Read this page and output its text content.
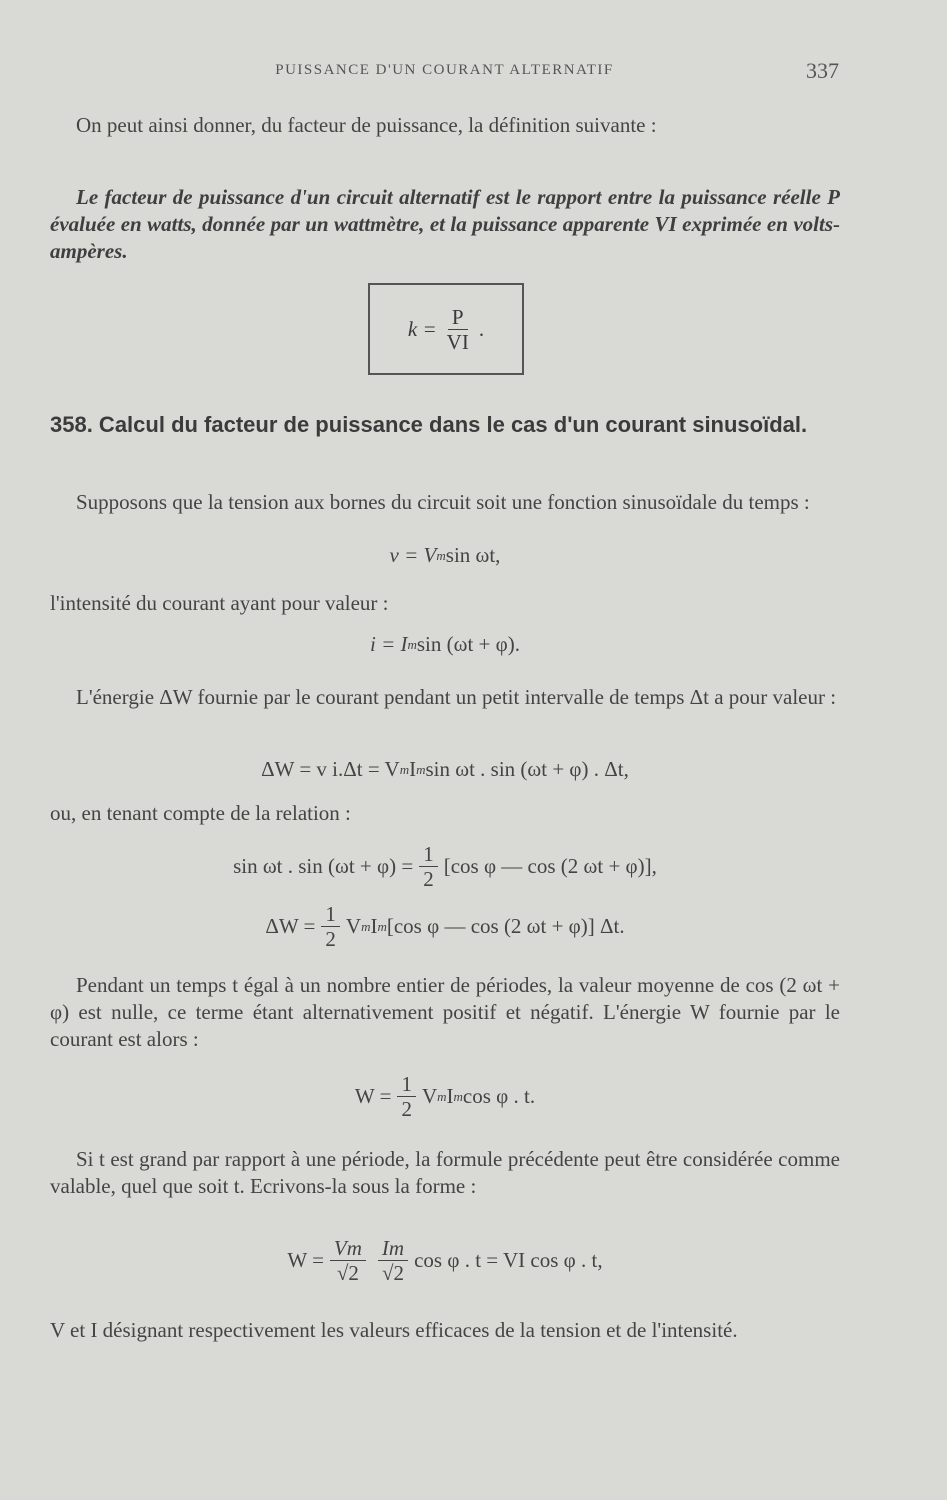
PUISSANCE D'UN COURANT ALTERNATIF	337
On peut ainsi donner, du facteur de puissance, la définition suivante :
Le facteur de puissance d'un circuit alternatif est le rapport entre la puissance réelle P évaluée en watts, donnée par un wattmètre, et la puissance apparente VI exprimée en volts-ampères.
$k = \frac{P}{VI}$ .
358. Calcul du facteur de puissance dans le cas d'un courant sinusoïdal.
Supposons que la tension aux bornes du circuit soit une fonction sinusoïdale du temps :
v = V m sin ωt,
l'intensité du courant ayant pour valeur :
i = I m sin (ωt + φ).
L'énergie ΔW fournie par le courant pendant un petit intervalle de temps Δt a pour valeur :
ΔW = v i.Δt = V m I m sin ωt . sin (ωt + φ) . Δt,
ou, en tenant compte de la relation :
sin ωt . $\sin (\omega t + \varphi) = \frac{1}{2} [\cos$ φ — cos (2 ωt + φ)],
$\Delta W = \frac{1}{2}$ V m I m [cos φ — cos (2 ωt + φ)] Δt.
Pendant un temps t égal à un nombre entier de périodes, la valeur moyenne de cos (2 ωt + φ) est nulle, ce terme étant alternativement positif et négatif. L'énergie W fournie par le courant est alors :
$W = \frac{1}{2}$ V m I m cos φ . t.
Si t est grand par rapport à une période, la formule précédente peut être considérée comme valable, quel que soit t. Ecrivons-la sous la forme :
$W = \frac{Vm}{√2} \frac{Im}{√2}$ cos φ . t = VI cos φ . t,
V et I désignant respectivement les valeurs efficaces de la tension et de l'intensité.
